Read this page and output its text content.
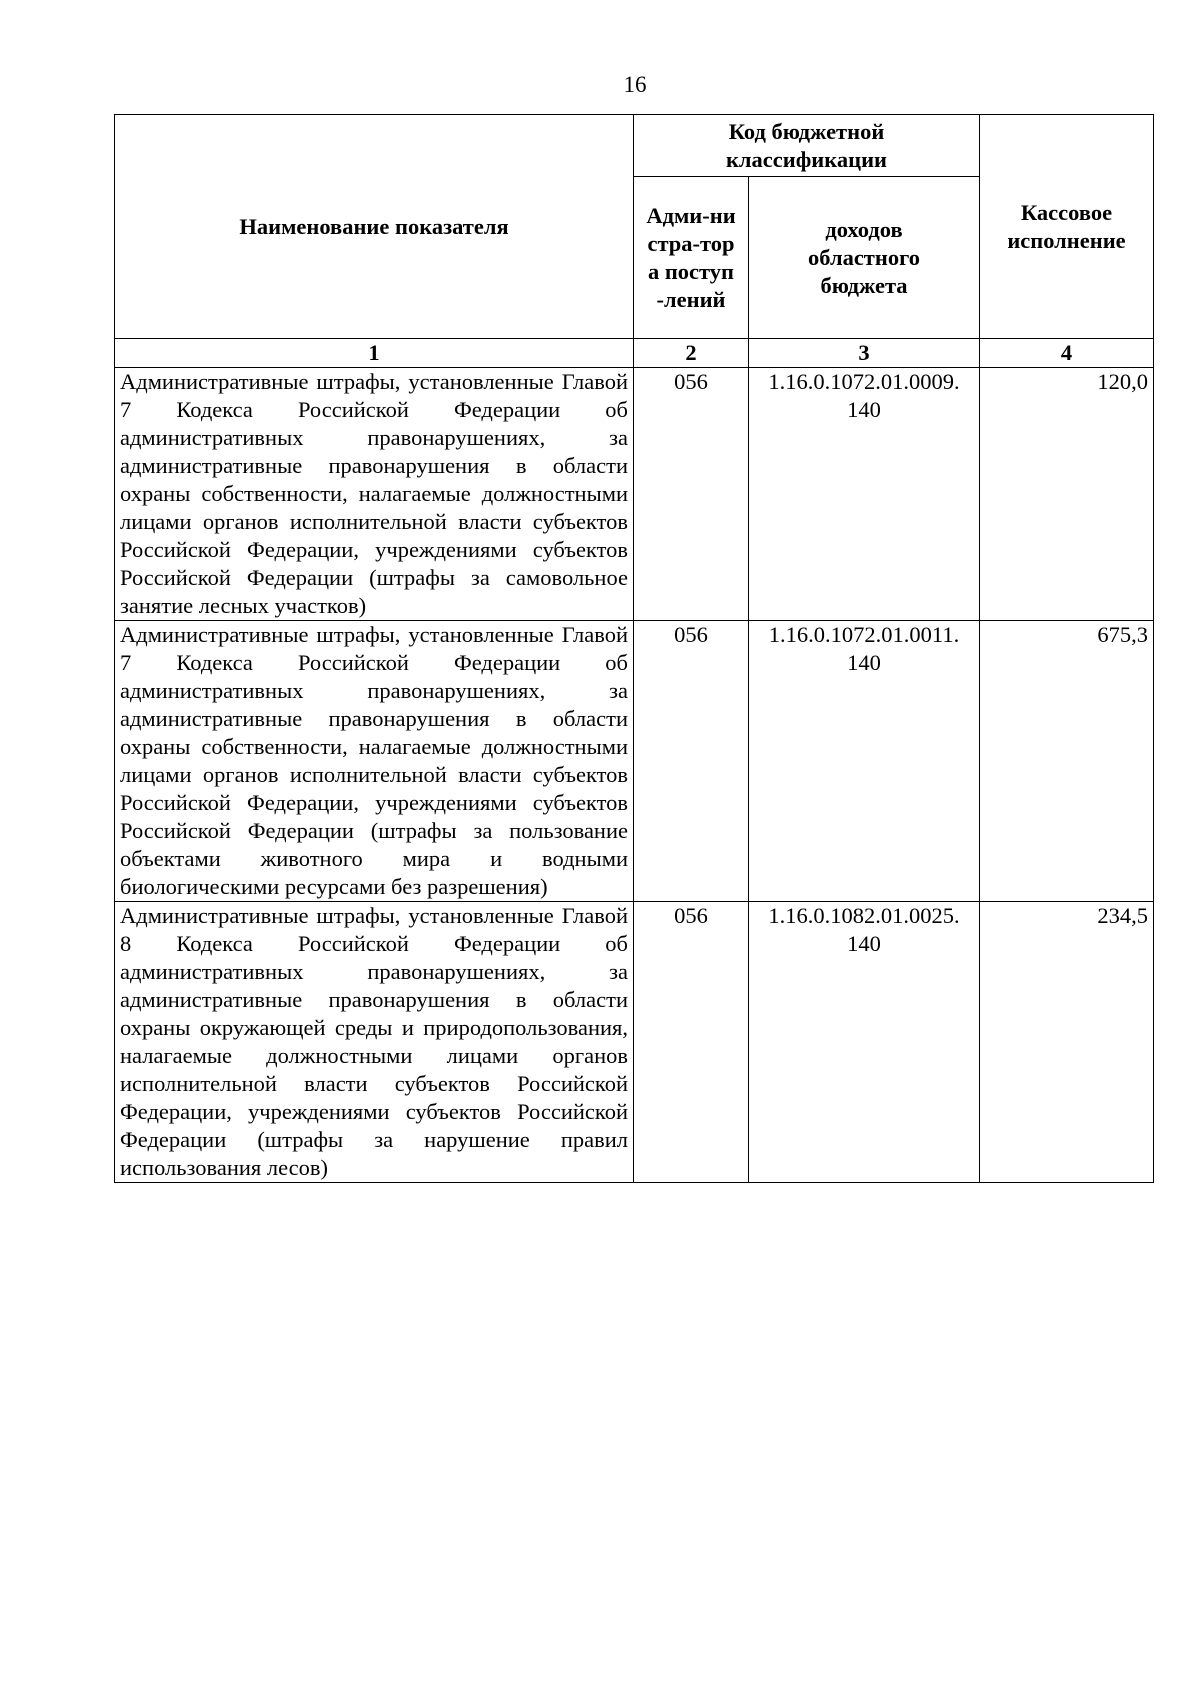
16
Наименование показателя	Код бюджетной классификации		Кассовое исполнение
	Адми-нистра-тора поступ-лений	доходов областного бюджета	
1	2	3	4
Административные штрафы, установленные Главой 7 Кодекса Российской Федерации об административных правонарушениях, за административные правонарушения в области охраны собственности, налагаемые должностными лицами органов исполнительной власти субъектов Российской Федерации, учреждениями субъектов Российской Федерации (штрафы за самовольное занятие лесных участков)	056	1.16.0.1072.01.0009. 140	120,0
Административные штрафы, установленные Главой 7 Кодекса Российской Федерации об административных правонарушениях, за административные правонарушения в области охраны собственности, налагаемые должностными лицами органов исполнительной власти субъектов Российской Федерации, учреждениями субъектов Российской Федерации (штрафы за пользование объектами животного мира и водными биологическими ресурсами без разрешения)	056	1.16.0.1072.01.0011. 140	675,3
Административные штрафы, установленные Главой 8 Кодекса Российской Федерации об административных правонарушениях, за административные правонарушения в области охраны окружающей среды и природопользования, налагаемые должностными лицами органов исполнительной власти субъектов Российской Федерации, учреждениями субъектов Российской Федерации (штрафы за нарушение правил использования лесов)	056	1.16.0.1082.01.0025. 140	234,5
